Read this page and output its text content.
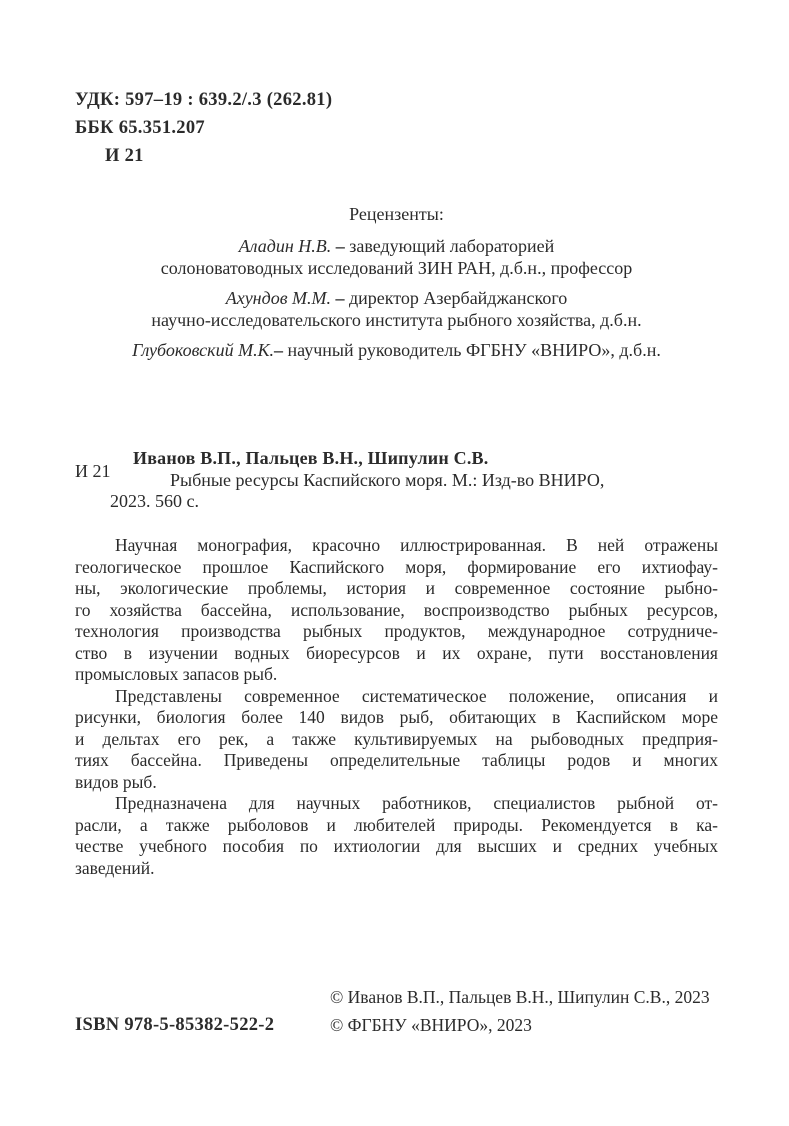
УДК: 597–19 : 639.2/.3 (262.81)
ББК 65.351.207
И 21
Рецензенты:
Аладин Н.В. – заведующий лабораторией
солоноватоводных исследований ЗИН РАН, д.б.н., профессор
Ахундов М.М. – директор Азербайджанского
научно-исследовательского института рыбного хозяйства, д.б.н.
Глубоковский М.К.– научный руководитель ФГБНУ «ВНИРО», д.б.н.
И 21
Иванов В.П., Пальцев В.Н., Шипулин С.В.
Рыбные ресурсы Каспийского моря. М.: Изд-во ВНИРО,
2023. 560 с.
Научная монография, красочно иллюстрированная. В ней отражены
геологическое прошлое Каспийского моря, формирование его ихтиофау-
ны, экологические проблемы, история и современное состояние рыбно-
го хозяйства бассейна, использование, воспроизводство рыбных ресурсов,
технология производства рыбных продуктов, международное сотрудниче-
ство в изучении водных биоресурсов и их охране, пути восстановления
промысловых запасов рыб.
Представлены современное систематическое положение, описания и
рисунки, биология более 140 видов рыб, обитающих в Каспийском море
и дельтах его рек, а также культивируемых на рыбоводных предприя-
тиях бассейна. Приведены определительные таблицы родов и многих
видов рыб.
Предназначена для научных работников, специалистов рыбной от-
расли, а также рыболовов и любителей природы. Рекомендуется в ка-
честве учебного пособия по ихтиологии для высших и средних учебных
заведений.
© Иванов В.П., Пальцев В.Н., Шипулин С.В., 2023
ISBN 978-5-85382-522-2	© ФГБНУ «ВНИРО», 2023
